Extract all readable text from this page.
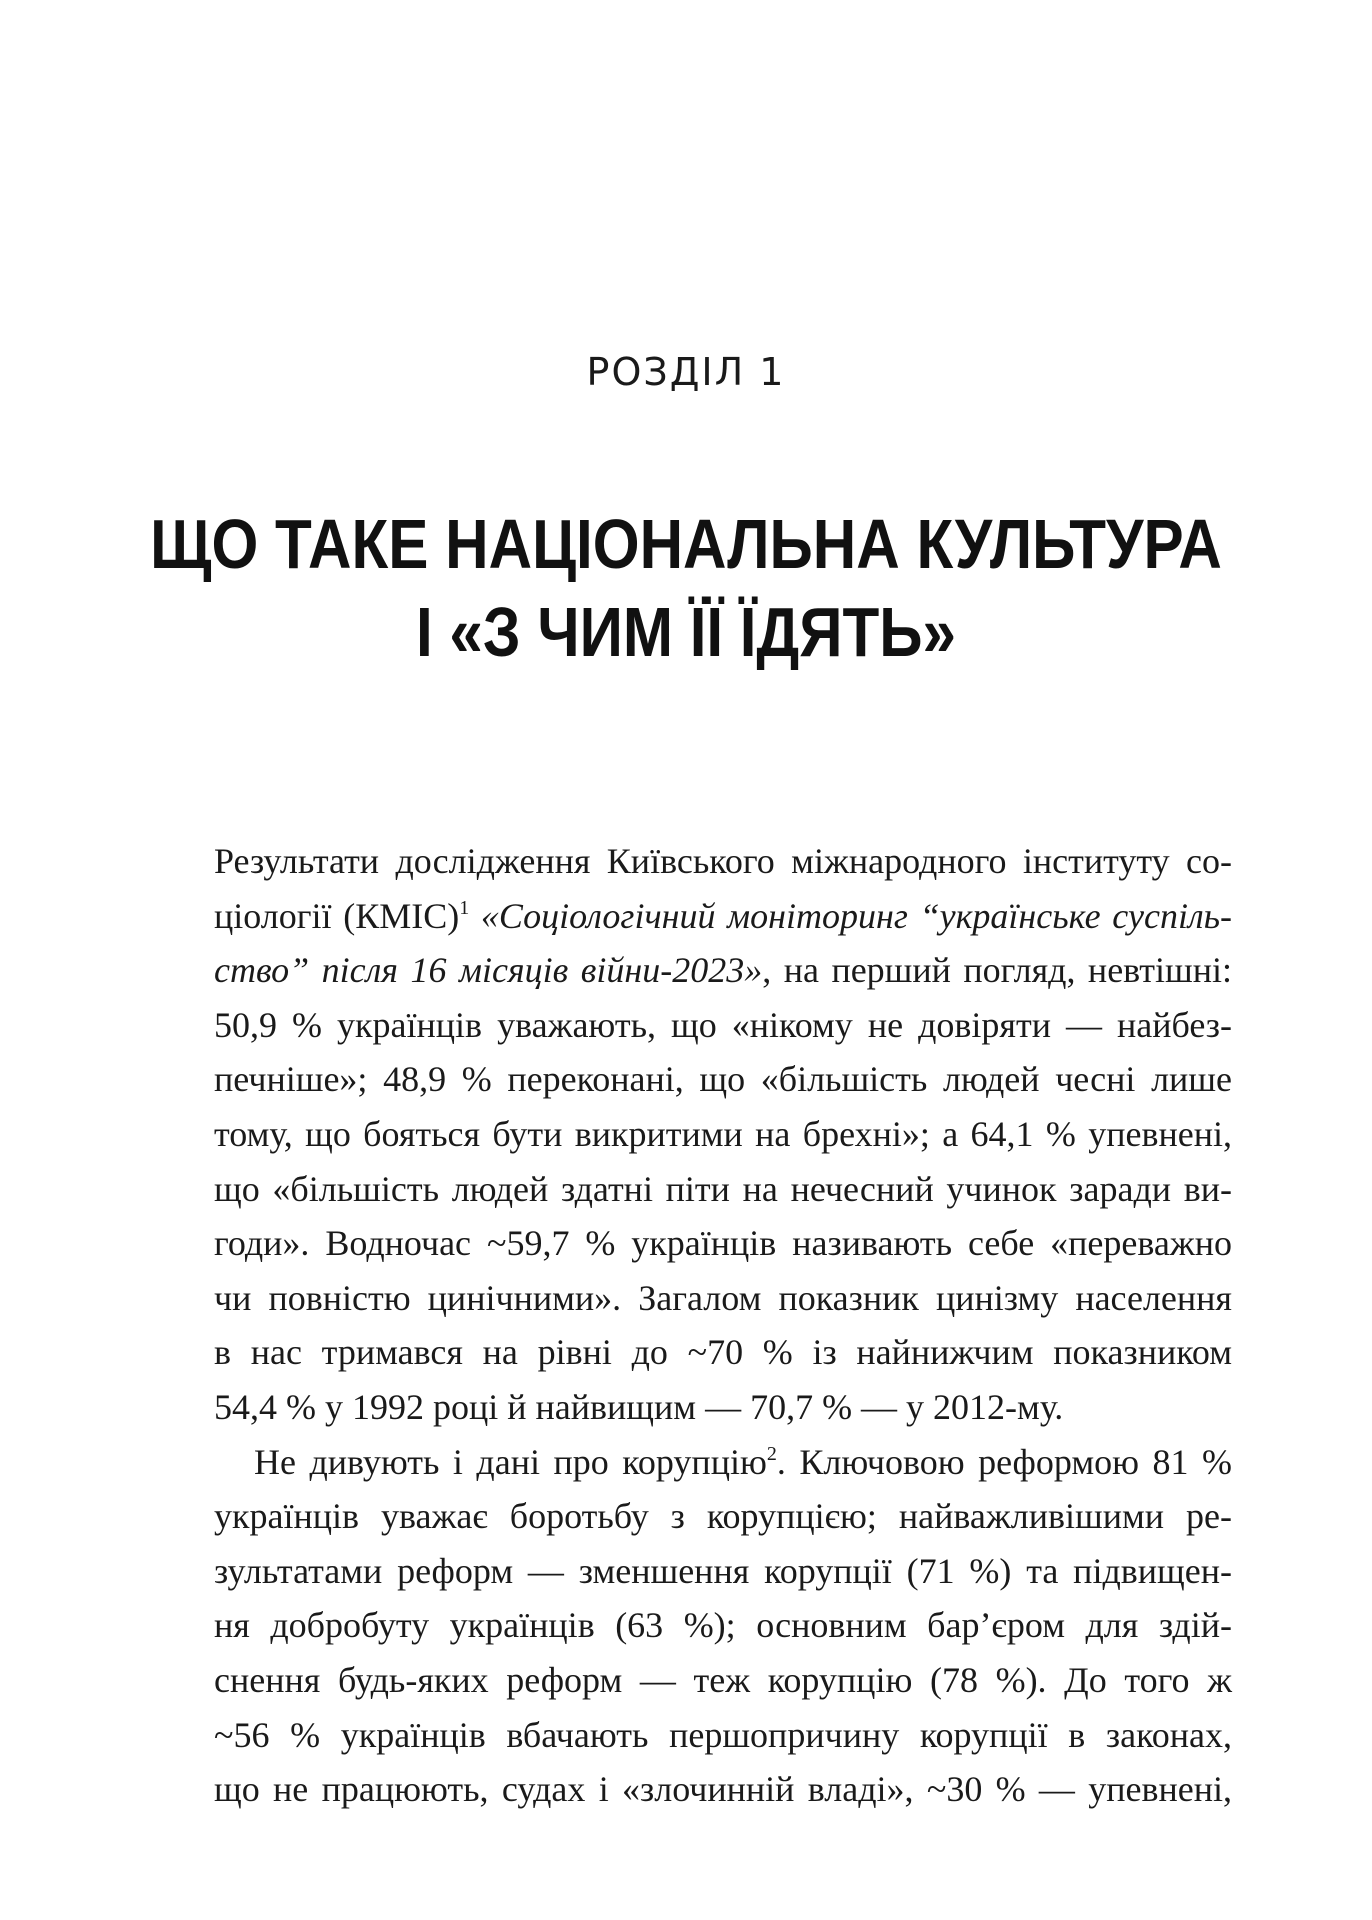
РОЗДІЛ 1
ЩО ТАКЕ НАЦІОНАЛЬНА КУЛЬТУРА
І «З ЧИМ ЇЇ ЇДЯТЬ»
Результати дослідження Київського міжнародного інституту со-
ціології (КМІС)$^1$ «Соціологічний моніторинг “українське суспіль-
ство” після 16 місяців війни-2023», на перший погляд, невтішні:
50,9 % українців уважають, що «нікому не довіряти — найбез-
печніше»; 48,9 % переконані, що «більшість людей чесні лише
тому, що бояться бути викритими на брехні»; а 64,1 % упевнені,
що «більшість людей здатні піти на нечесний учинок заради ви-
годи». Водночас ~59,7 % українців називають себе «переважно
чи повністю цинічними». Загалом показник цинізму населення
в нас тримався на рівні до ~70 % із найнижчим показником
54,4 % у 1992 році й найвищим — 70,7 % — у 2012-му.
Не дивують і дані про корупцію$^2$. Ключовою реформою 81 %
українців уважає боротьбу з корупцією; найважливішими ре-
зультатами реформ — зменшення корупції (71 %) та підвищен-
ня добробуту українців (63 %); основним бар’єром для здій-
снення будь-яких реформ — теж корупцію (78 %). До того ж
~56 % українців вбачають першопричину корупції в законах,
що не працюють, судах і «злочинній владі», ~30 % — упевнені,
